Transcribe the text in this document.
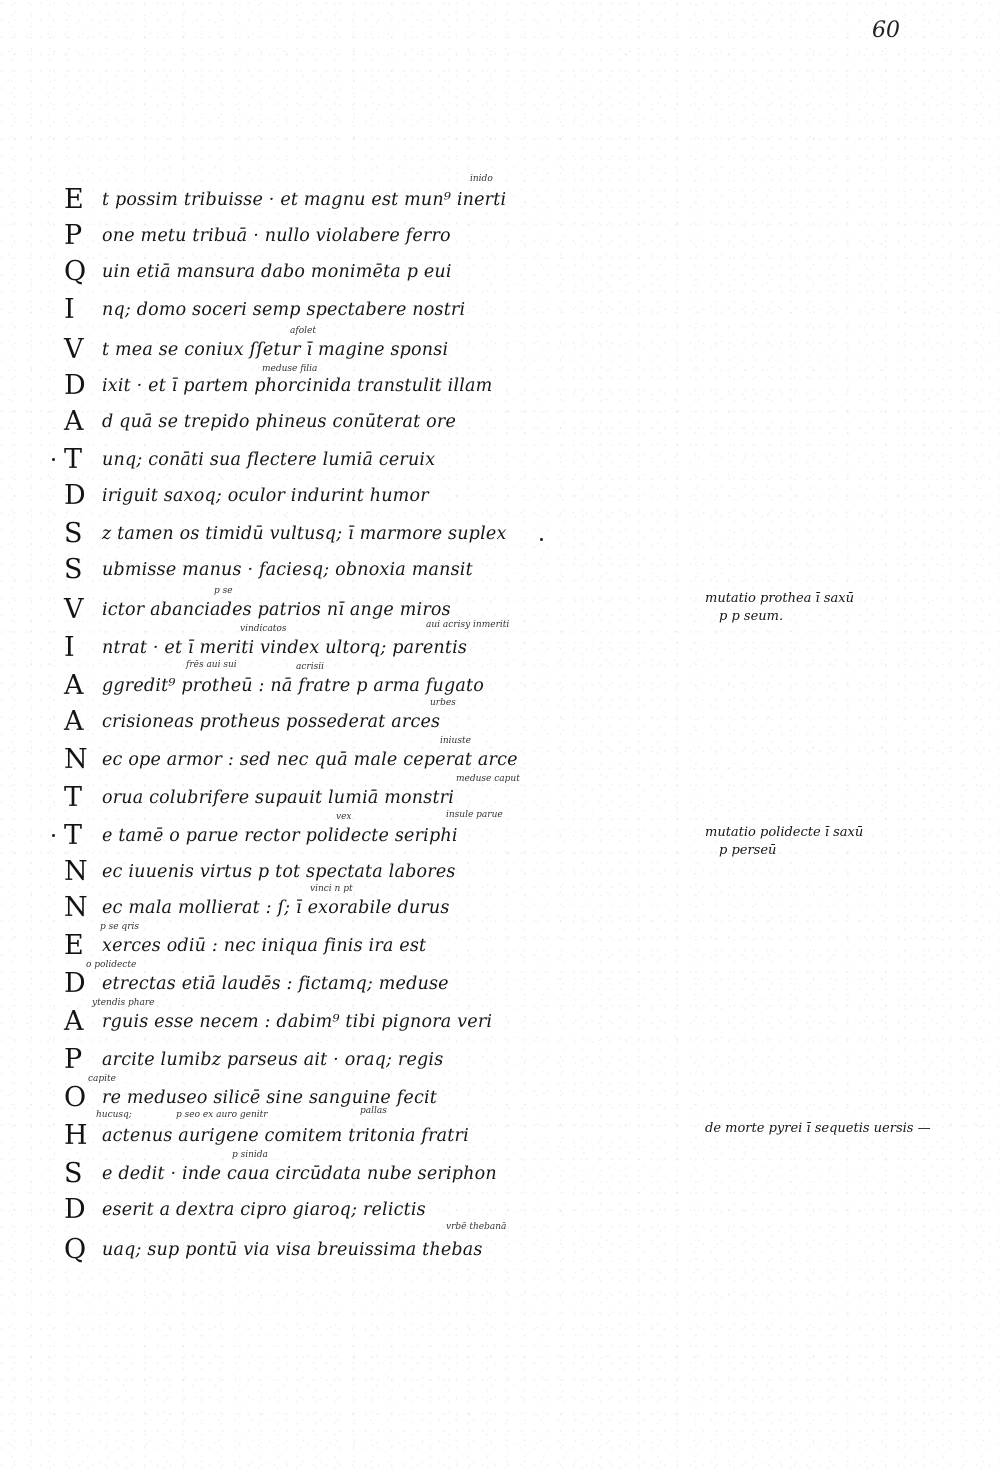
60
E	t possim tribuisse · et magnu est mun⁹ inerti
P	one metu tribuā · nullo violabere ferro
Q uin etiā mansura dabo monimēta p eui
I	nq; domo soceri semp spectabere nostri
V	t mea se coniux ſſetur ī magine sponsi
D ixit · et ī partem phorcinida transtulit illam
A	d quā se trepido phineus conūterat ore
T	unq; conāti sua flectere lumiā ceruix
D iriguit saxoq; oculor indurint humor
S	z tamen os timidū vultusq; ī marmore suplex
S	ubmisse manus · faciesq; obnoxia mansit
V	ictor abanciades patrios nī ange miros
I	ntrat · et ī meriti vindex ultorq; parentis
A	ggredit⁹ protheū : nā fratre p arma fugato
A	crisioneas protheus possederat arces
N ec ope armor : sed nec quā male ceperat arce
T	orua colubrifere supauit lumiā monstri
T	e tamē o parue rector polidecte seriphi
N ec iuuenis virtus p tot spectata labores
N ec mala mollierat : ſ; ī exorabile durus
E	xerces odiū : nec iniqua finis ira est
D etrectas etiā laudēs : fictamq; meduse
A	rguis esse necem : dabim⁹ tibi pignora veri
P	arcite lumibz parseus ait · oraq; regis
O re meduseo silicē sine sanguine fecit
H actenus aurigene comitem tritonia fratri
S	e dedit · inde caua circūdata nube seriphon
D eserit a dextra cipro giaroq; relictis
Q uaq; sup pontū via visa breuissima thebas
inido
afolet
meduse filia
p se
vindicatos	aui acrisy inmeriti
frēs aui sui	acrisii
urbes
iniuste
meduse caput
vex	insule parue
vinci n pt
p se qris
o polidecte
ytendis phare
capite
hucusq;	p seo ex auro genitr	pallas
p sinida
vrbē thebanā
mutatio prothea ī saxū
p p seum.
mutatio polidecte ī saxū
p perseū
de morte pyrei ī sequetis uersis —
